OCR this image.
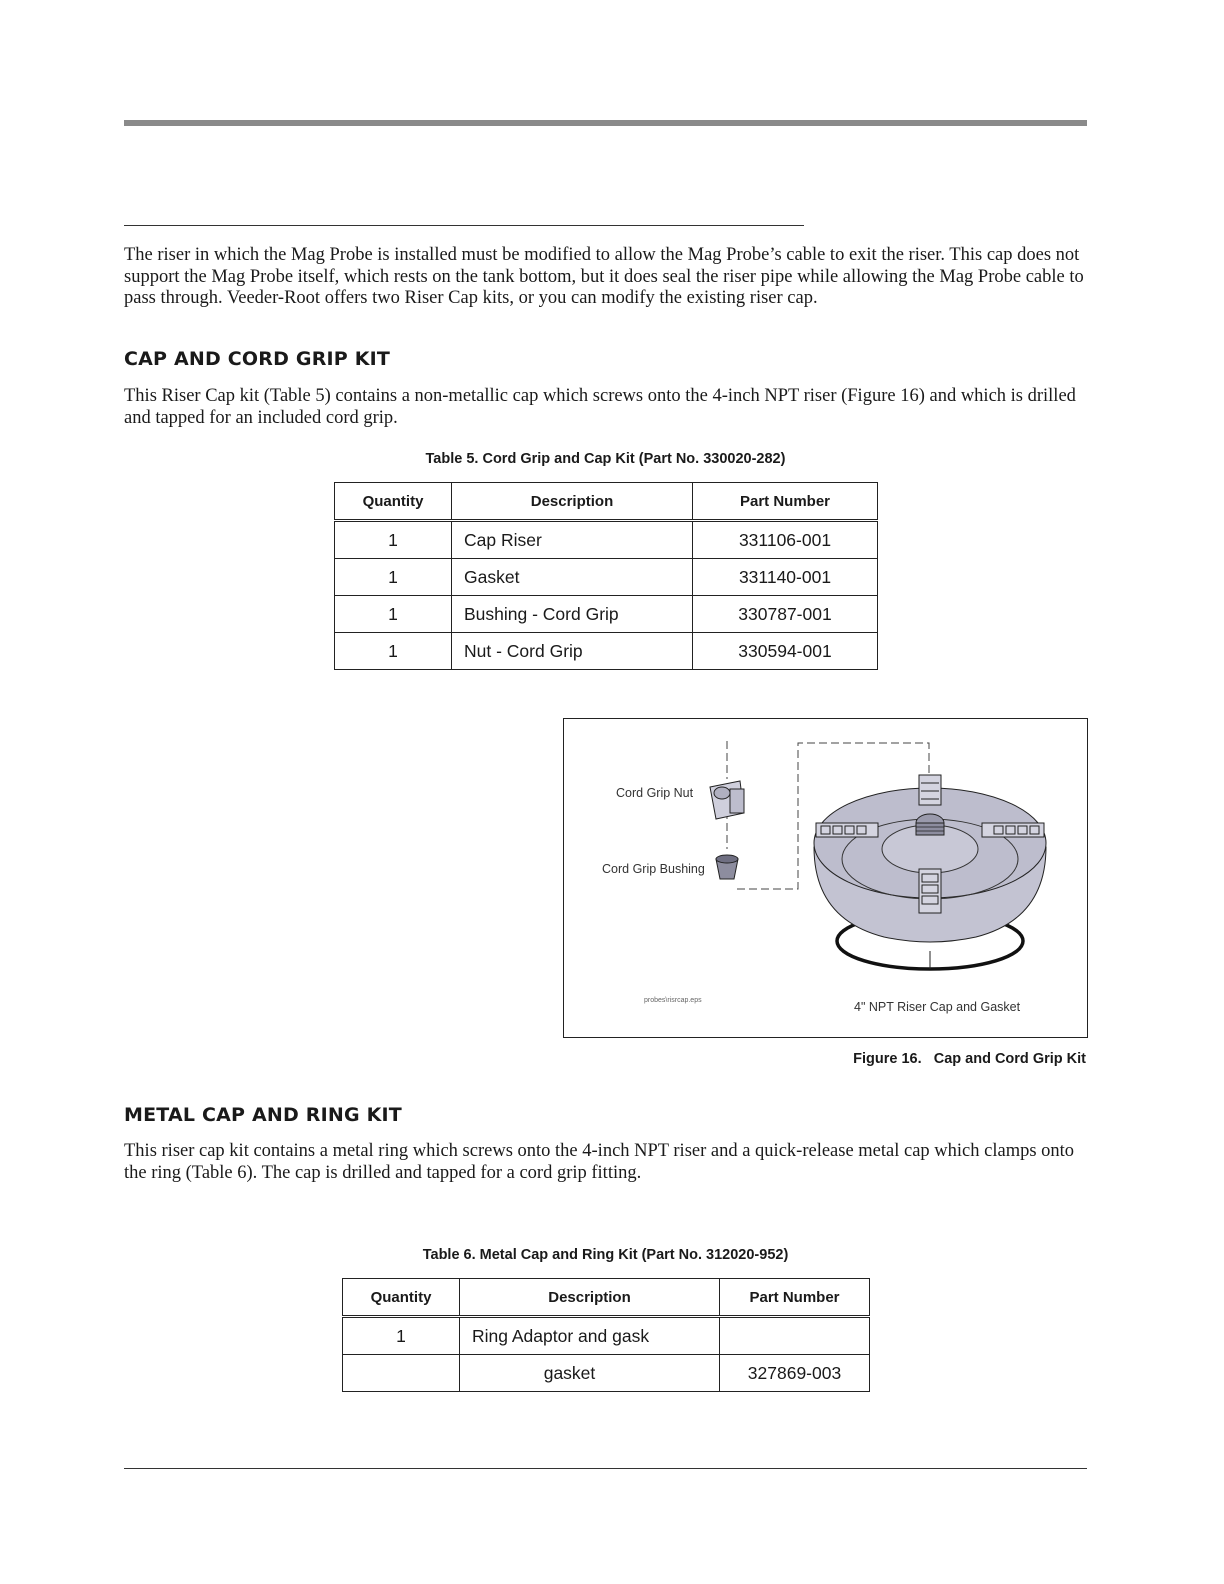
The riser in which the Mag Probe is installed must be modified to allow the Mag Probe’s cable to exit the riser. This cap does not support the Mag Probe itself, which rests on the tank bottom, but it does seal the riser pipe while allowing the Mag Probe cable to pass through. Veeder-Root offers two Riser Cap kits, or you can modify the existing riser cap.

CAP AND CORD GRIP KIT

This Riser Cap kit (Table 5) contains a non-metallic cap which screws onto the 4-inch NPT riser (Figure 16) and which is drilled and tapped for an included cord grip.

Table 5. Cord Grip and Cap Kit (Part No. 330020-282)

Quantity	Description	Part Number
1	Cap Riser	331106-001
1	Gasket	331140-001
1	Bushing - Cord Grip	330787-001
1	Nut - Cord Grip	330594-001
Cord Grip Nut
Cord Grip Bushing
4" NPT Riser Cap and Gasket
probes\risrcap.eps

Figure 16.   Cap and Cord Grip Kit

METAL CAP AND RING KIT

This riser cap kit contains a metal ring which screws onto the 4-inch NPT riser and a quick-release metal cap which clamps onto the ring (Table 6). The cap is drilled and tapped for a cord grip fitting.

Table 6. Metal Cap and Ring Kit (Part No. 312020-952)

Quantity	Description	Part Number
1	Ring Adaptor and gask	
	gasket	327869-003
